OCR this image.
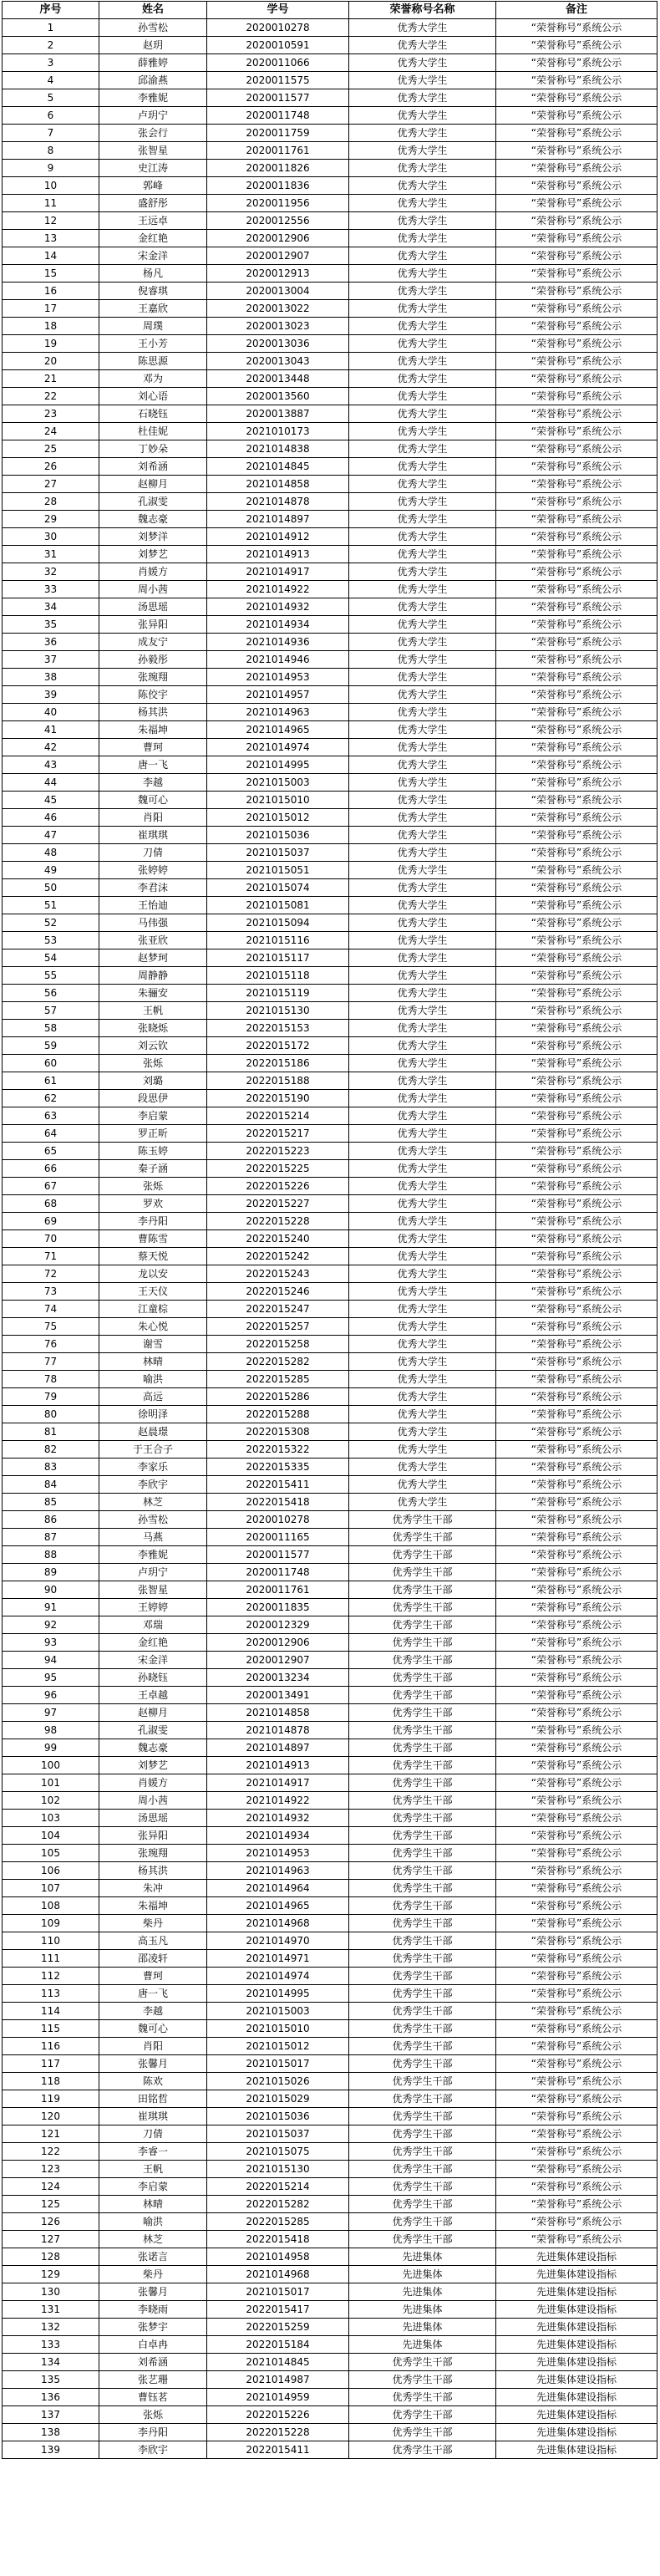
序号	姓名	学号	荣誉称号名称	备注
1	孙雪松	2020010278	优秀大学生	“荣誉称号”系统公示
2	赵玥	2020010591	优秀大学生	“荣誉称号”系统公示
3	薛雅婷	2020011066	优秀大学生	“荣誉称号”系统公示
4	邱渝燕	2020011575	优秀大学生	“荣誉称号”系统公示
5	李雅妮	2020011577	优秀大学生	“荣誉称号”系统公示
6	卢玥宁	2020011748	优秀大学生	“荣誉称号”系统公示
7	张会行	2020011759	优秀大学生	“荣誉称号”系统公示
8	张智星	2020011761	优秀大学生	“荣誉称号”系统公示
9	史江涛	2020011826	优秀大学生	“荣誉称号”系统公示
10	郭峰	2020011836	优秀大学生	“荣誉称号”系统公示
11	盛舒彤	2020011956	优秀大学生	“荣誉称号”系统公示
12	王远卓	2020012556	优秀大学生	“荣誉称号”系统公示
13	金红艳	2020012906	优秀大学生	“荣誉称号”系统公示
14	宋金洋	2020012907	优秀大学生	“荣誉称号”系统公示
15	杨凡	2020012913	优秀大学生	“荣誉称号”系统公示
16	倪睿琪	2020013004	优秀大学生	“荣誉称号”系统公示
17	王嘉欣	2020013022	优秀大学生	“荣誉称号”系统公示
18	周璞	2020013023	优秀大学生	“荣誉称号”系统公示
19	王小芳	2020013036	优秀大学生	“荣誉称号”系统公示
20	陈思源	2020013043	优秀大学生	“荣誉称号”系统公示
21	邓为	2020013448	优秀大学生	“荣誉称号”系统公示
22	刘心语	2020013560	优秀大学生	“荣誉称号”系统公示
23	石晓钰	2020013887	优秀大学生	“荣誉称号”系统公示
24	杜佳妮	2021010173	优秀大学生	“荣誉称号”系统公示
25	丁妙朵	2021014838	优秀大学生	“荣誉称号”系统公示
26	刘希涵	2021014845	优秀大学生	“荣誉称号”系统公示
27	赵柳月	2021014858	优秀大学生	“荣誉称号”系统公示
28	孔淑雯	2021014878	优秀大学生	“荣誉称号”系统公示
29	魏志豪	2021014897	优秀大学生	“荣誉称号”系统公示
30	刘梦洋	2021014912	优秀大学生	“荣誉称号”系统公示
31	刘梦艺	2021014913	优秀大学生	“荣誉称号”系统公示
32	肖媛方	2021014917	优秀大学生	“荣誉称号”系统公示
33	周小茜	2021014922	优秀大学生	“荣誉称号”系统公示
34	汤思瑶	2021014932	优秀大学生	“荣誉称号”系统公示
35	张异阳	2021014934	优秀大学生	“荣誉称号”系统公示
36	成友宁	2021014936	优秀大学生	“荣誉称号”系统公示
37	孙毅彤	2021014946	优秀大学生	“荣誉称号”系统公示
38	张琬翔	2021014953	优秀大学生	“荣誉称号”系统公示
39	陈佼宇	2021014957	优秀大学生	“荣誉称号”系统公示
40	杨其洪	2021014963	优秀大学生	“荣誉称号”系统公示
41	朱福坤	2021014965	优秀大学生	“荣誉称号”系统公示
42	曹珂	2021014974	优秀大学生	“荣誉称号”系统公示
43	唐一飞	2021014995	优秀大学生	“荣誉称号”系统公示
44	李越	2021015003	优秀大学生	“荣誉称号”系统公示
45	魏可心	2021015010	优秀大学生	“荣誉称号”系统公示
46	肖阳	2021015012	优秀大学生	“荣誉称号”系统公示
47	崔琪琪	2021015036	优秀大学生	“荣誉称号”系统公示
48	刀倩	2021015037	优秀大学生	“荣誉称号”系统公示
49	张婷婷	2021015051	优秀大学生	“荣誉称号”系统公示
50	李君沫	2021015074	优秀大学生	“荣誉称号”系统公示
51	王怡迪	2021015081	优秀大学生	“荣誉称号”系统公示
52	马伟强	2021015094	优秀大学生	“荣誉称号”系统公示
53	张亚欣	2021015116	优秀大学生	“荣誉称号”系统公示
54	赵梦珂	2021015117	优秀大学生	“荣誉称号”系统公示
55	周静静	2021015118	优秀大学生	“荣誉称号”系统公示
56	朱骊安	2021015119	优秀大学生	“荣誉称号”系统公示
57	王帆	2021015130	优秀大学生	“荣誉称号”系统公示
58	张晓烁	2022015153	优秀大学生	“荣誉称号”系统公示
59	刘云钦	2022015172	优秀大学生	“荣誉称号”系统公示
60	张烁	2022015186	优秀大学生	“荣誉称号”系统公示
61	刘璐	2022015188	优秀大学生	“荣誉称号”系统公示
62	段思伊	2022015190	优秀大学生	“荣誉称号”系统公示
63	李启蒙	2022015214	优秀大学生	“荣誉称号”系统公示
64	罗正昕	2022015217	优秀大学生	“荣誉称号”系统公示
65	陈玉婷	2022015223	优秀大学生	“荣誉称号”系统公示
66	秦子涵	2022015225	优秀大学生	“荣誉称号”系统公示
67	张烁	2022015226	优秀大学生	“荣誉称号”系统公示
68	罗欢	2022015227	优秀大学生	“荣誉称号”系统公示
69	李丹阳	2022015228	优秀大学生	“荣誉称号”系统公示
70	曹陈雪	2022015240	优秀大学生	“荣誉称号”系统公示
71	蔡天悦	2022015242	优秀大学生	“荣誉称号”系统公示
72	龙以安	2022015243	优秀大学生	“荣誉称号”系统公示
73	王天仪	2022015246	优秀大学生	“荣誉称号”系统公示
74	江童棕	2022015247	优秀大学生	“荣誉称号”系统公示
75	朱心悦	2022015257	优秀大学生	“荣誉称号”系统公示
76	谢雪	2022015258	优秀大学生	“荣誉称号”系统公示
77	林晴	2022015282	优秀大学生	“荣誉称号”系统公示
78	喻洪	2022015285	优秀大学生	“荣誉称号”系统公示
79	高远	2022015286	优秀大学生	“荣誉称号”系统公示
80	徐明泽	2022015288	优秀大学生	“荣誉称号”系统公示
81	赵晨璟	2022015308	优秀大学生	“荣誉称号”系统公示
82	于王合子	2022015322	优秀大学生	“荣誉称号”系统公示
83	李家乐	2022015335	优秀大学生	“荣誉称号”系统公示
84	李欣宇	2022015411	优秀大学生	“荣誉称号”系统公示
85	林芝	2022015418	优秀大学生	“荣誉称号”系统公示
86	孙雪松	2020010278	优秀学生干部	“荣誉称号”系统公示
87	马燕	2020011165	优秀学生干部	“荣誉称号”系统公示
88	李雅妮	2020011577	优秀学生干部	“荣誉称号”系统公示
89	卢玥宁	2020011748	优秀学生干部	“荣誉称号”系统公示
90	张智星	2020011761	优秀学生干部	“荣誉称号”系统公示
91	王婷婷	2020011835	优秀学生干部	“荣誉称号”系统公示
92	邓瑞	2020012329	优秀学生干部	“荣誉称号”系统公示
93	金红艳	2020012906	优秀学生干部	“荣誉称号”系统公示
94	宋金洋	2020012907	优秀学生干部	“荣誉称号”系统公示
95	孙晓钰	2020013234	优秀学生干部	“荣誉称号”系统公示
96	王卓越	2020013491	优秀学生干部	“荣誉称号”系统公示
97	赵柳月	2021014858	优秀学生干部	“荣誉称号”系统公示
98	孔淑雯	2021014878	优秀学生干部	“荣誉称号”系统公示
99	魏志豪	2021014897	优秀学生干部	“荣誉称号”系统公示
100	刘梦艺	2021014913	优秀学生干部	“荣誉称号”系统公示
101	肖媛方	2021014917	优秀学生干部	“荣誉称号”系统公示
102	周小茜	2021014922	优秀学生干部	“荣誉称号”系统公示
103	汤思瑶	2021014932	优秀学生干部	“荣誉称号”系统公示
104	张异阳	2021014934	优秀学生干部	“荣誉称号”系统公示
105	张琬翔	2021014953	优秀学生干部	“荣誉称号”系统公示
106	杨其洪	2021014963	优秀学生干部	“荣誉称号”系统公示
107	朱冲	2021014964	优秀学生干部	“荣誉称号”系统公示
108	朱福坤	2021014965	优秀学生干部	“荣誉称号”系统公示
109	柴丹	2021014968	优秀学生干部	“荣誉称号”系统公示
110	高玉凡	2021014970	优秀学生干部	“荣誉称号”系统公示
111	邵凌轩	2021014971	优秀学生干部	“荣誉称号”系统公示
112	曹珂	2021014974	优秀学生干部	“荣誉称号”系统公示
113	唐一飞	2021014995	优秀学生干部	“荣誉称号”系统公示
114	李越	2021015003	优秀学生干部	“荣誉称号”系统公示
115	魏可心	2021015010	优秀学生干部	“荣誉称号”系统公示
116	肖阳	2021015012	优秀学生干部	“荣誉称号”系统公示
117	张馨月	2021015017	优秀学生干部	“荣誉称号”系统公示
118	陈欢	2021015026	优秀学生干部	“荣誉称号”系统公示
119	田铭哲	2021015029	优秀学生干部	“荣誉称号”系统公示
120	崔琪琪	2021015036	优秀学生干部	“荣誉称号”系统公示
121	刀倩	2021015037	优秀学生干部	“荣誉称号”系统公示
122	李睿一	2021015075	优秀学生干部	“荣誉称号”系统公示
123	王帆	2021015130	优秀学生干部	“荣誉称号”系统公示
124	李启蒙	2022015214	优秀学生干部	“荣誉称号”系统公示
125	林晴	2022015282	优秀学生干部	“荣誉称号”系统公示
126	喻洪	2022015285	优秀学生干部	“荣誉称号”系统公示
127	林芝	2022015418	优秀学生干部	“荣誉称号”系统公示
128	张诺言	2021014958	先进集体	先进集体建设指标
129	柴丹	2021014968	先进集体	先进集体建设指标
130	张馨月	2021015017	先进集体	先进集体建设指标
131	李晓雨	2022015417	先进集体	先进集体建设指标
132	张梦宇	2022015259	先进集体	先进集体建设指标
133	白卓冉	2022015184	先进集体	先进集体建设指标
134	刘希涵	2021014845	优秀学生干部	先进集体建设指标
135	张艺珊	2021014987	优秀学生干部	先进集体建设指标
136	曹钰茗	2021014959	优秀学生干部	先进集体建设指标
137	张烁	2022015226	优秀学生干部	先进集体建设指标
138	李丹阳	2022015228	优秀学生干部	先进集体建设指标
139	李欣宇	2022015411	优秀学生干部	先进集体建设指标
